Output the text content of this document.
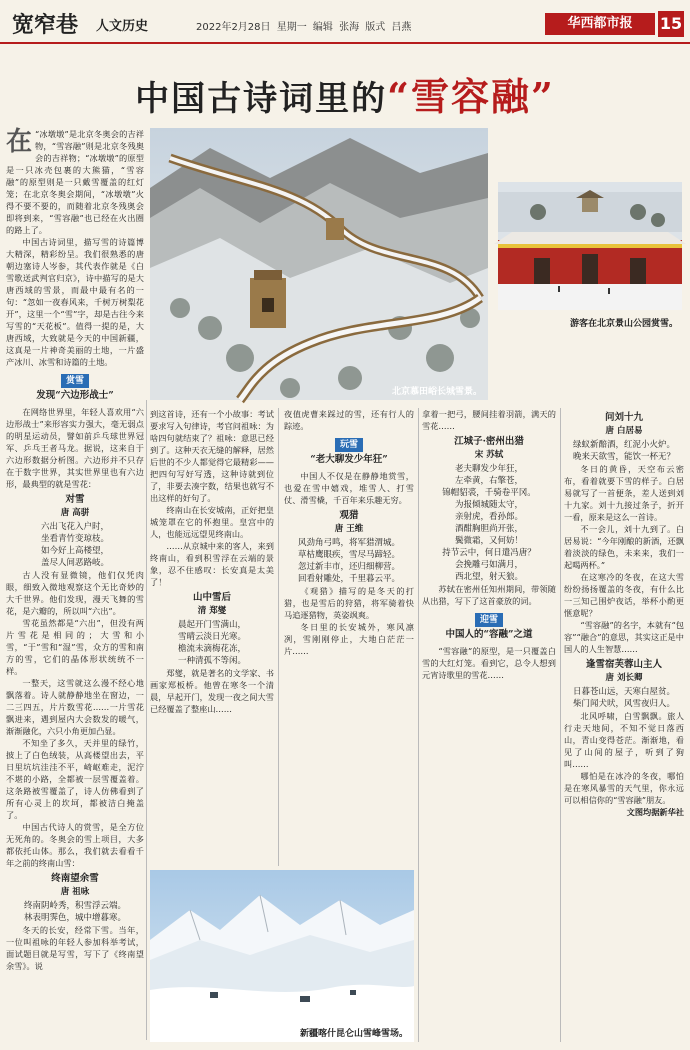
宽窄巷 人文历史	2022年2月28日 星期一 编辑 张海 版式 吕燕	华西都市报	15
中国古诗词里的“雪容融”
北京慕田峪长城雪景。
游客在北京景山公园赏雪。
新疆喀什昆仑山雪峰雪场。

在 “冰墩墩”是北京冬奥会的吉祥物，“雪容融”则是北京冬残奥会的吉祥物；“冰墩墩”的原型是一只冰壳包裹的大熊猫，“雪容融”的原型则是一只戴雪覆盖的红灯笼；在北京冬奥会期间，“冰墩墩”火得不要不要的，而随着北京冬残奥会即将到来，“雪容融”也已经在火出圈的路上了。

中国古诗词里，描写雪的诗篇博大精深，精彩纷呈。我们很熟悉的唐朝边塞诗人岑参，其代表作就是《白雪歌送武判官归京》，诗中描写的是大唐西域的雪景，而最中最有名的一句：“忽如一夜春风来，千树万树梨花开”，这里一个“雪”字，却是古往今来写雪的“天花板”。值得一提的是，大唐西域，大致就是今天的中国新疆，这真是一片神奇美丽的土地，一片盛产冰川、冰雪和诗篇的土地。

赏雪
发现“六边形战士”

在网络世界里，年轻人喜欢用“六边形战士”来形容实力强大，毫无弱点的明星运动员，譬如前乒乓球世界冠军、乒乓王者马龙。据说，这来自于六边形数据分析图。六边形并不只存在于数字世界，其实世界里也有六边形，最典型的就是雪花：

对雪
唐 高骈
六出飞花入户时，
坐看青竹变琼枝。
如今好上高楼望，
盖尽人间恶路岐。

古人没有显微镜，他们仅凭肉眼，细致入微地观察这个无比奇妙的大千世界。他们发现，漫天飞舞的雪花，是六瓣的，所以叫“六出”。

雪花虽然都是“六出”，但没有两片雪花是相同的；大雪和小雪，“于”雪和“湿”雪，众方的雪和南方的雪，它们的晶体形状统统不一样。

一整天，这雪就这么漫不经心地飘落着。诗人就静静地坐在窗边，一二三四五，片片数雪花……一片雪花飘进来，遇到屋内大会数发的暖气，渐渐融化，六只小角更加凸显。

不知坐了多久，天并里的绿竹，披上了白色绒装，从高楼望出去，平日里坑坑洼洼不平，崎岖难走，泥泞不堪的小路，全都被一层雪覆盖着。这条路被雪覆盖了，诗人仿佛看到了所有心灵上的坎坷，都被洁白掩盖了。

中国古代诗人的赏雪，是全方位无死角的。冬奥会的雪上项目，大多都依托山体。那么，我们就去看看千年之前的终南山雪：

终南望余雪
唐 祖咏
终南阴岭秀，积雪浮云端。
林表明霁色，城中增暮寒。

冬天的长安，经常下雪。当年，一位叫祖咏的年轻人参加科举考试，面试题目就是写雪，写下了《终南望余雪》。说

到这首诗，还有一个小故事：考试要求写入句律诗，考官问祖咏：为啥四句就结束了？祖咏：意思已经到了。这种天衣无缝的解释，居然后世的不少人都觉得它最精彩——把四句写好写透，这种诗就到位了，非要去凑字数，结果也就写不出这样的好句了。

终南山在长安城南，正好把皇城笼罩在它的怀抱里。皇宫中的人，也能远远望见终南山。

……从京城中来的客人，来到终南山，看到积雪浮在云端的景象，忍不住感叹：长安真是太美了！

山中雪后
清 郑燮
晨起开门雪满山，
雪晴云淡日光寒。
檐流未滴梅花冻，
一种清孤不等闲。

郑燮，就是著名的文学家、书画家郑板桥。他曾在寒冬一个清晨，早起开门，发现一夜之间大雪已经覆盖了整座山……

夜值虎曹来踩过的雪，还有行人的踪迹。

玩雪
“老大聊发少年狂”

中国人不仅是在静静地赏雪，也爱在雪中嬉戏，堆雪人、打雪仗、滑雪橇，千百年来乐趣无穷。

观猎
唐 王维
风劲角弓鸣，将军猎渭城。
草枯鹰眼疾，雪尽马蹄轻。
忽过新丰市，还归细柳营。
回看射雕处，千里暮云平。

《观猎》描写的是冬天的打猎，也是雪后的狩猎，将军骑着快马追逐猎物，英姿飒爽。

冬日里的长安城外，寒风凛冽，雪刚刚停止，大地白茫茫一片……

拿着一把弓，腰间挂着羽箭，满天的雪花……

江城子·密州出猎
宋 苏轼
老夫聊发少年狂，
左牵黄，右擎苍，
锦帽貂裘，千骑卷平冈。
为报倾城随太守，
亲射虎，看孙郎。
酒酣胸胆尚开张，
鬓微霜，又何妨！
持节云中，何日遣冯唐？
会挽雕弓如满月，
西北望，射天狼。

苏轼在密州任知州期间，带领随从出猎，写下了这首豪放的词。

迎雪
中国人的“容融”之道

“雪容融”的原型，是一只覆盖白雪的大红灯笼。看到它，总令人想到元宵诗歌里的雪花……

问刘十九
唐 白居易
绿蚁新醅酒，红泥小火炉。
晚来天欲雪，能饮一杯无？

冬日的黄昏，天空布云密布，看着就要下雪的样子。白居易就写了一首便条，差人送到刘十九家。刘十九接过条子，折开一看，原来是这么一首诗。

不一会儿，刘十九到了。白居易说：“今年刚酿的新酒，还飘着淡淡的绿色，未来来，我们一起喝两杯。”

在这寒冷的冬夜，在这大雪纷纷扬扬覆盖的冬夜，有什么比一三知己围炉夜话，举杯小酌更惬意呢？

“雪容融”的名字，本就有“包容”“融合”的意思，其实这正是中国人的人生智慧……

逢雪宿芙蓉山主人
唐 刘长卿
日暮苍山远，天寒白屋贫。
柴门闻犬吠，风雪夜归人。

北风呼啸，白雪飘飘。旅人行走天地间，不知不觉日落西山，青山变得苍茫。渐渐地，看见了山间的屋子，听到了狗叫……

哪怕是在冰冷的冬夜，哪怕是在寒风暴雪的天气里，你永远可以相信你的“雪容融”朋友。

文图均据新华社
